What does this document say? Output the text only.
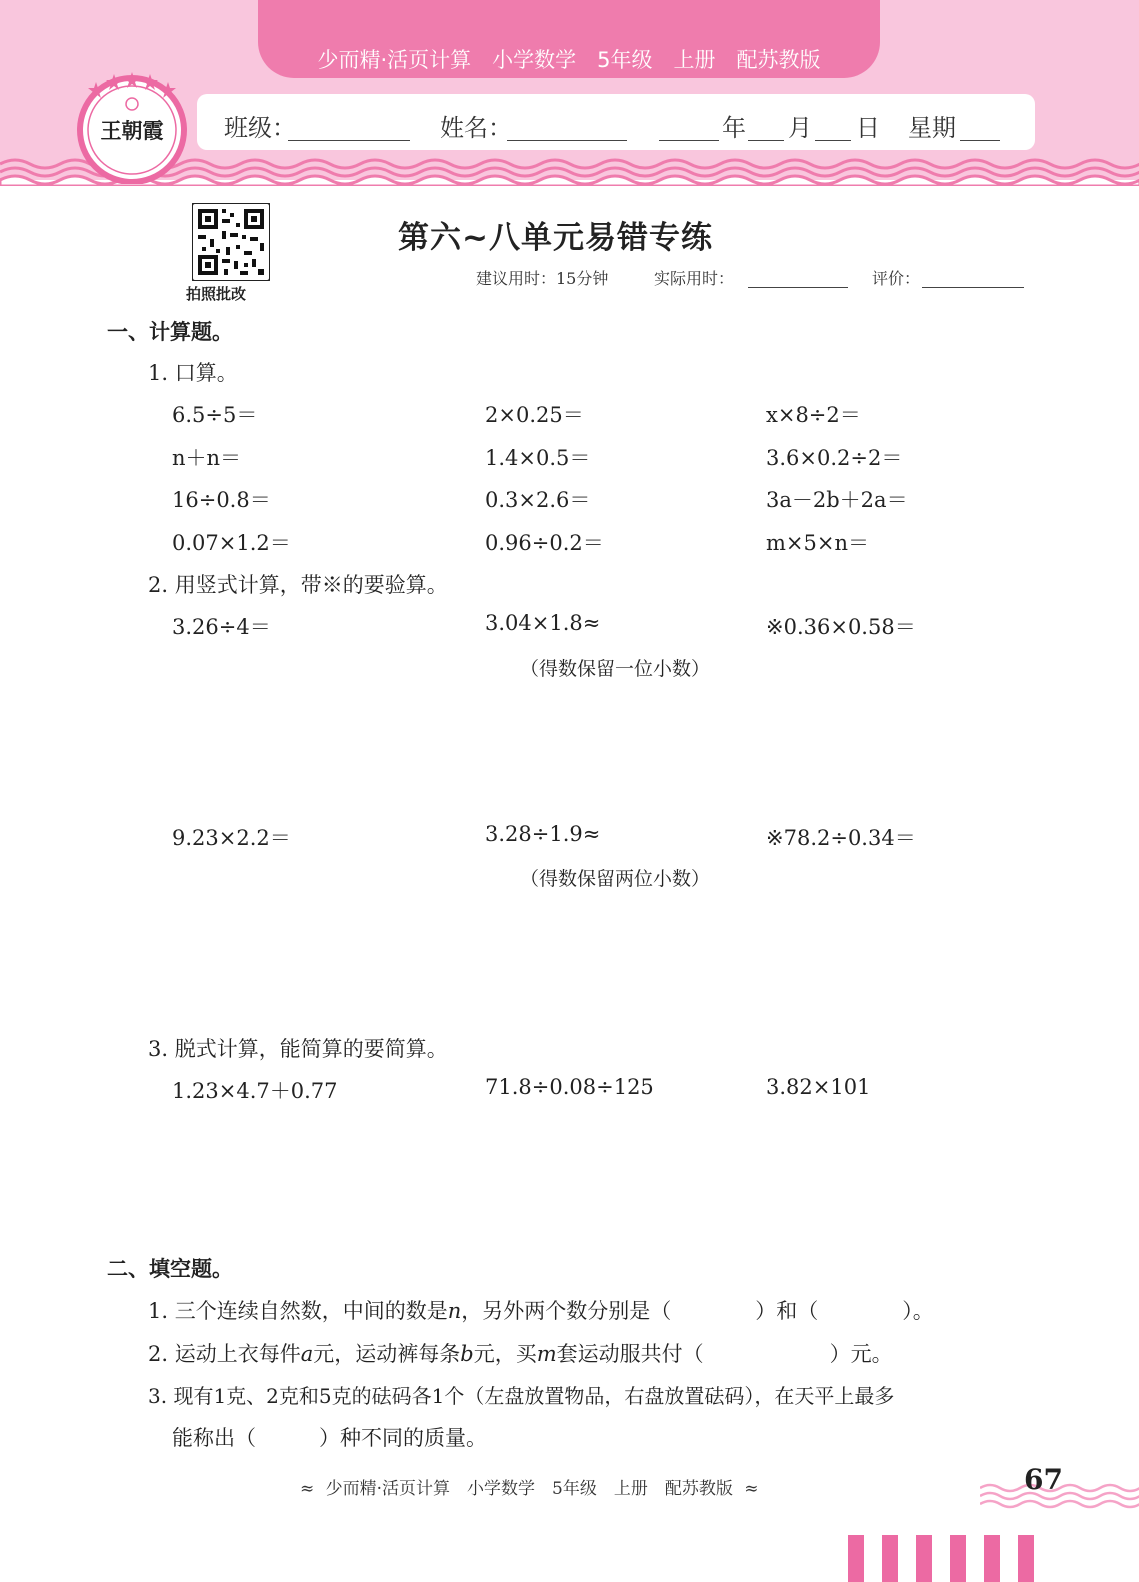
少而精·活页计算　小学数学　5年级　上册　配苏教版
班级：	姓名：	年 月 日 星期
王朝霞
拍照批改
第六~八单元易错专练
建议用时：15分钟	实际用时：	评价：
一、计算题。
1. 口算。
6.5÷5＝	2×0.25＝	x×8÷2＝
n＋n＝	1.4×0.5＝	3.6×0.2÷2＝
16÷0.8＝	0.3×2.6＝	3a－2b＋2a＝
0.07×1.2＝	0.96÷0.2＝	m×5×n＝
2. 用竖式计算，带※的要验算。
3.26÷4＝	3.04×1.8≈	※0.36×0.58＝
（得数保留一位小数）
9.23×2.2＝	3.28÷1.9≈	※78.2÷0.34＝
（得数保留两位小数）
3. 脱式计算，能简算的要简算。
1.23×4.7＋0.77	71.8÷0.08÷125	3.82×101
二、填空题。
1. 三个连续自然数，中间的数是n，另外两个数分别是（　　　　）和（　　　　）。
2. 运动上衣每件a元，运动裤每条b元，买m套运动服共付（　　　　　　）元。
3. 现有1克、2克和5克的砝码各1个（左盘放置物品，右盘放置砝码），在天平上最多
能称出（　　　）种不同的质量。
≈ 少而精·活页计算　小学数学　5年级　上册　配苏教版 ≈	67
